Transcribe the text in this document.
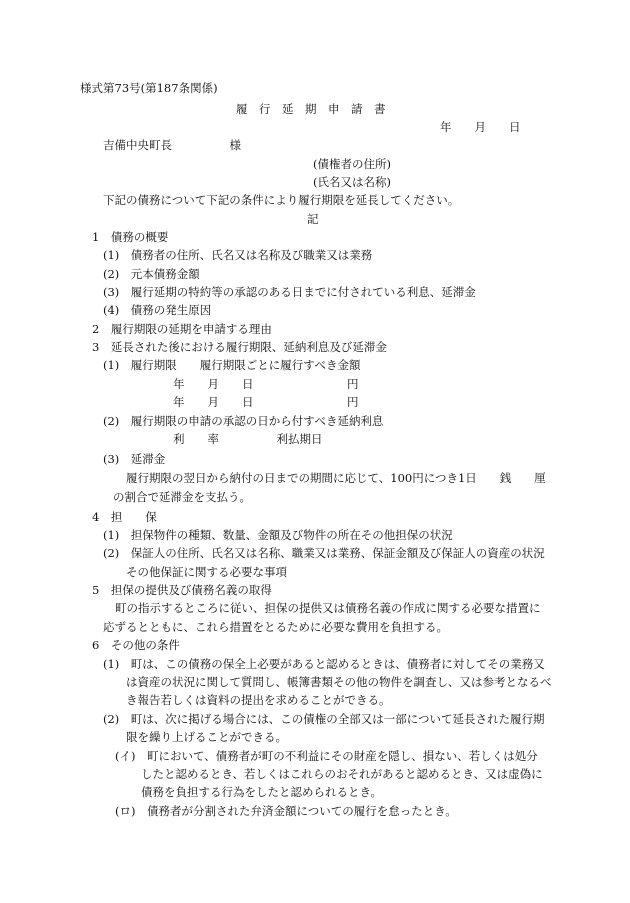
様式第73号(第187条関係)

履　行　延　期　申　請　書

年　　月　　日

吉備中央町長　　　　　様

(債権者の住所)

(氏名又は名称)

下記の債務について下記の条件により履行期限を延長してください。

記

1　債務の概要

(1)　債務者の住所、氏名又は名称及び職業又は業務

(2)　元本債務金額

(3)　履行延期の特約等の承認のある日までに付されている利息、延滞金

(4)　債務の発生原因

2　履行期限の延期を申請する理由

3　延長された後における履行期限、延納利息及び延滞金

(1)　履行期限　　履行期限ごとに履行すべき金額

年　　月　　日	円

年　　月　　日	円

(2)　履行期限の申請の承認の日から付すべき延納利息

利　　率　　　　　利払期日

(3)　延滞金

履行期限の翌日から納付の日までの期間に応じて、100円につき1日　　銭　　厘

の割合で延滞金を支払う。

4　担　　保

(1)　担保物件の種類、数量、金額及び物件の所在その他担保の状況

(2)　保証人の住所、氏名又は名称、職業又は業務、保証金額及び保証人の資産の状況

その他保証に関する必要な事項

5　担保の提供及び債務名義の取得

町の指示するところに従い、担保の提供又は債務名義の作成に関する必要な措置に

応ずるとともに、これら措置をとるために必要な費用を負担する。

6　その他の条件

(1)　町は、この債務の保全上必要があると認めるときは、債務者に対してその業務又

は資産の状況に関して質問し、帳簿書類その他の物件を調査し、又は参考となるべ

き報告若しくは資料の提出を求めることができる。

(2)　町は、次に掲げる場合には、この債権の全部又は一部について延長された履行期

限を繰り上げることができる。

(イ)　町において、債務者が町の不利益にその財産を隠し、損ない、若しくは処分

したと認めるとき、若しくはこれらのおそれがあると認めるとき、又は虚偽に

債務を負担する行為をしたと認められるとき。

(ロ)　債務者が分割された弁済金額についての履行を怠ったとき。
